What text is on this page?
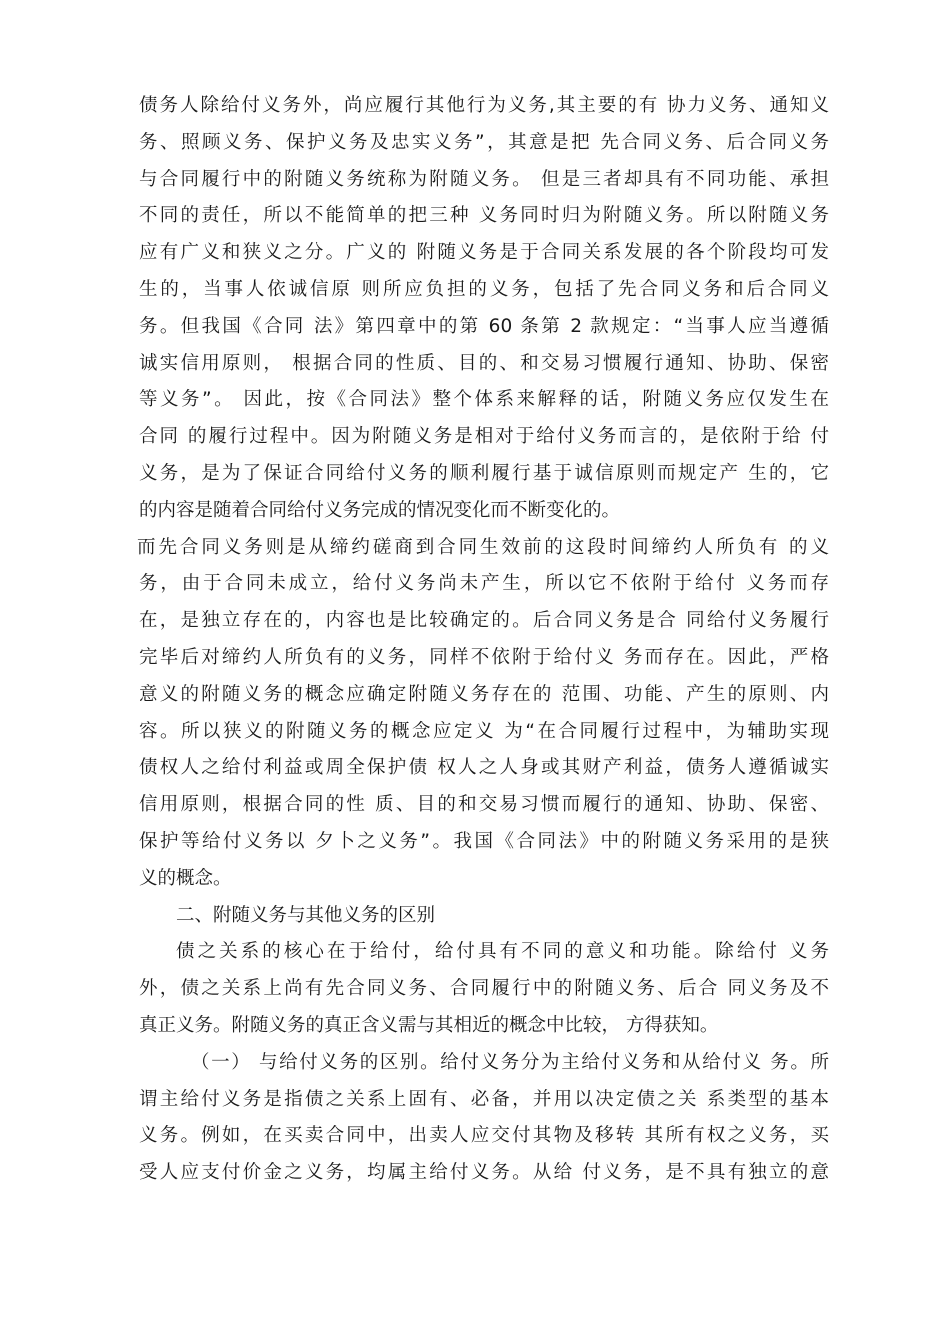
债务人除给付义务外，尚应履行其他行为义务,其主要的有 协力义务、通知义
务、照顾义务、保护义务及忠实义务”，其意是把 先合同义务、后合同义务
与合同履行中的附随义务统称为附随义务。 但是三者却具有不同功能、承担
不同的责任，所以不能简单的把三种 义务同时归为附随义务。所以附随义务
应有广义和狭义之分。广义的 附随义务是于合同关系发展的各个阶段均可发
生的，当事人依诚信原 则所应负担的义务，包括了先合同义务和后合同义
务。但我国《合同 法》第四章中的第 60 条第 2 款规定：“当事人应当遵循
诚实信用原则， 根据合同的性质、目的、和交易习惯履行通知、协助、保密
等义务”。 因此，按《合同法》整个体系来解释的话，附随义务应仅发生在
合同 的履行过程中。因为附随义务是相对于给付义务而言的，是依附于给 付
义务，是为了保证合同给付义务的顺利履行基于诚信原则而规定产 生的，它
的内容是随着合同给付义务完成的情况变化而不断变化的。
而先合同义务则是从缔约磋商到合同生效前的这段时间缔约人所负有 的义
务，由于合同未成立，给付义务尚未产生，所以它不依附于给付 义务而存
在，是独立存在的，内容也是比较确定的。后合同义务是合 同给付义务履行
完毕后对缔约人所负有的义务，同样不依附于给付义 务而存在。因此，严格
意义的附随义务的概念应确定附随义务存在的 范围、功能、产生的原则、内
容。所以狭义的附随义务的概念应定义 为“在合同履行过程中，为辅助实现
债权人之给付利益或周全保护债 权人之人身或其财产利益，债务人遵循诚实
信用原则，根据合同的性 质、目的和交易习惯而履行的通知、协助、保密、
保护等给付义务以 夕卜之义务”。我国《合同法》中的附随义务采用的是狭
义的概念。
二、附随义务与其他义务的区别
债之关系的核心在于给付，给付具有不同的意义和功能。除给付 义务
外，债之关系上尚有先合同义务、合同履行中的附随义务、后合 同义务及不
真正义务。附随义务的真正含义需与其相近的概念中比较， 方得获知。
（一） 与给付义务的区别。给付义务分为主给付义务和从给付义 务。所
谓主给付义务是指债之关系上固有、必备，并用以决定债之关 系类型的基本
义务。例如，在买卖合同中，出卖人应交付其物及移转 其所有权之义务，买
受人应支付价金之义务，均属主给付义务。从给 付义务，是不具有独立的意
